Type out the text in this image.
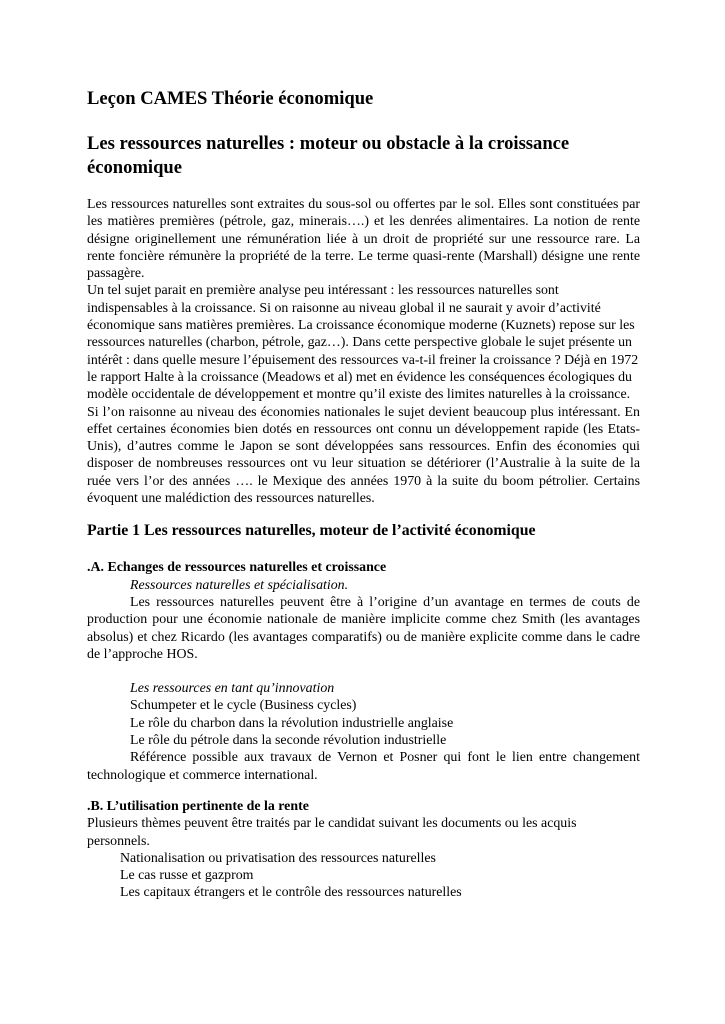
Leçon CAMES Théorie économique
Les ressources naturelles : moteur ou obstacle à la croissance économique

Les ressources naturelles sont extraites du sous-sol ou offertes par le sol. Elles sont constituées par les matières premières (pétrole, gaz, minerais….) et les denrées alimentaires. La notion de rente désigne originellement une rémunération liée à un droit de propriété sur une ressource rare. La rente foncière rémunère la propriété de la terre. Le terme quasi-rente (Marshall) désigne une rente passagère.

Un tel sujet parait en première analyse peu intéressant : les ressources naturelles sont indispensables à la croissance. Si on raisonne au niveau global il ne saurait y avoir d’activité économique sans matières premières. La croissance économique moderne (Kuznets) repose sur les ressources naturelles (charbon, pétrole, gaz…). Dans cette perspective globale le sujet présente un intérêt : dans quelle mesure l’épuisement des ressources va-t-il freiner la croissance ? Déjà en 1972 le rapport Halte à la croissance (Meadows et al) met en évidence les conséquences écologiques du modèle occidentale de développement et montre qu’il existe des limites naturelles à la croissance.

Si l’on raisonne au niveau des économies nationales le sujet devient beaucoup plus intéressant. En effet certaines économies bien dotés en ressources ont connu un développement rapide (les Etats-Unis), d’autres comme le Japon se sont développées sans ressources. Enfin des économies qui disposer de nombreuses ressources ont vu leur situation se détériorer (l’Australie à la suite de la ruée vers l’or des années …. le Mexique des années 1970 à la suite du boom pétrolier. Certains évoquent une malédiction des ressources naturelles.

Partie 1 Les ressources naturelles, moteur de l’activité économique
.A. Echanges de ressources naturelles et croissance

Ressources naturelles et spécialisation.

Les ressources naturelles peuvent être à l’origine d’un avantage en termes de couts de production pour une économie nationale de manière implicite comme chez Smith (les avantages absolus) et chez Ricardo (les avantages comparatifs) ou de manière explicite comme dans le cadre de l’approche HOS.

Les ressources en tant qu’innovation

Schumpeter et le cycle (Business cycles)

Le rôle du charbon dans la révolution industrielle anglaise

Le rôle du pétrole dans la seconde révolution industrielle

Référence possible aux travaux de Vernon et Posner qui font le lien entre changement technologique et commerce international.

.B. L’utilisation pertinente de la rente

Plusieurs thèmes peuvent être traités par le candidat suivant les documents ou les acquis personnels.

Nationalisation ou privatisation des ressources naturelles

Le cas russe et gazprom

Les capitaux étrangers et le contrôle des ressources naturelles
